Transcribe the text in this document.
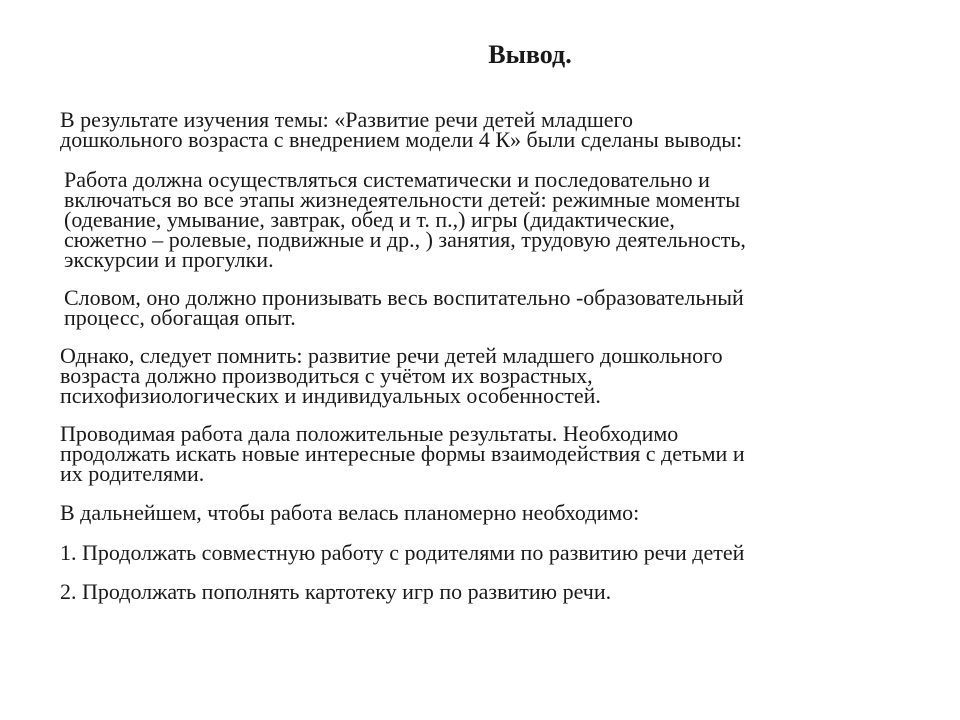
Вывод.
В результате изучения темы: «Развитие речи детей младшего
дошкольного возраста с внедрением модели 4 К» были сделаны выводы:
Работа должна осуществляться систематически и последовательно и
включаться во все этапы жизнедеятельности детей: режимные моменты
(одевание, умывание, завтрак, обед и т. п.,) игры (дидактические,
сюжетно – ролевые, подвижные и др., ) занятия, трудовую деятельность,
экскурсии и прогулки.
Словом, оно должно пронизывать весь воспитательно -образовательный
процесс, обогащая опыт.
Однако, следует помнить: развитие речи детей младшего дошкольного
возраста должно производиться с учётом их возрастных,
психофизиологических и индивидуальных особенностей.
Проводимая работа дала положительные результаты. Необходимо
продолжать искать новые интересные формы взаимодействия с детьми и
их родителями.
В дальнейшем, чтобы работа велась планомерно необходимо:
1. Продолжать совместную работу с родителями по развитию речи детей
2. Продолжать пополнять картотеку игр по развитию речи.
